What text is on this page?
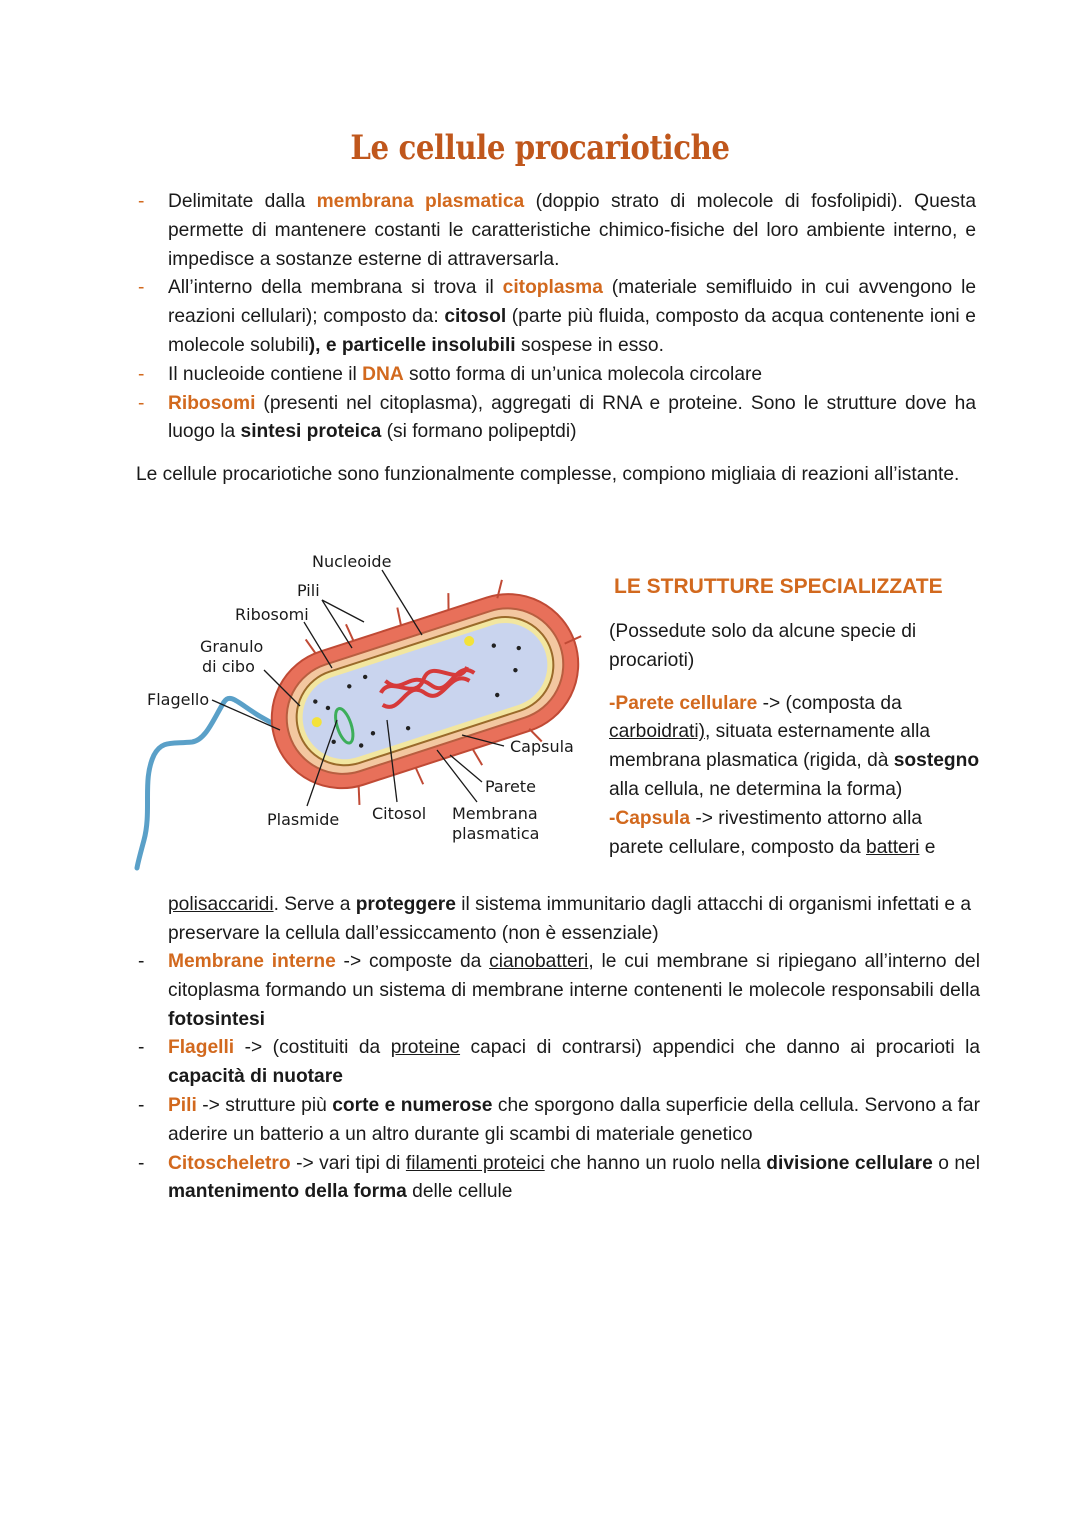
Le cellule procariotiche
- Delimitate dalla membrana plasmatica (doppio strato di molecole di fosfolipidi). Questa permette di mantenere costanti le caratteristiche chimico-fisiche del loro ambiente interno, e impedisce a sostanze esterne di attraversarla.
- All’interno della membrana si trova il citoplasma (materiale semifluido in cui avvengono le reazioni cellulari); composto da: citosol (parte più fluida, composto da acqua contenente ioni e molecole solubili), e particelle insolubili sospese in esso.
- Il nucleoide contiene il DNA sotto forma di un’unica molecola circolare
- Ribosomi (presenti nel citoplasma), aggregati di RNA e proteine. Sono le strutture dove ha luogo la sintesi proteica (si formano polipeptdi)
Le cellule procariotiche sono funzionalmente complesse, compiono migliaia di reazioni all’istante.
Nucleoide
Pili
Ribosomi
Granulo
di cibo
Flagello
Capsula
Parete
Plasmide Citosol Membrana
plasmatica
LE STRUTTURE SPECIALIZZATE

(Possedute solo da alcune specie di procarioti)

-Parete cellulare -> (composta da carboidrati), situata esternamente alla membrana plasmatica (rigida, dà sostegno alla cellula, ne determina la forma)

-Capsula -> rivestimento attorno alla parete cellulare, composto da batteri e

polisaccaridi. Serve a proteggere il sistema immunitario dagli attacchi di organismi infettati e a preservare la cellula dall’essiccamento (non è essenziale)
- Membrane interne -> composte da cianobatteri, le cui membrane si ripiegano all’interno del citoplasma formando un sistema di membrane interne contenenti le molecole responsabili della fotosintesi
- Flagelli -> (costituiti da proteine capaci di contrarsi) appendici che danno ai procarioti la capacità di nuotare
- Pili -> strutture più corte e numerose che sporgono dalla superficie della cellula. Servono a far aderire un batterio a un altro durante gli scambi di materiale genetico
- Citoscheletro -> vari tipi di filamenti proteici che hanno un ruolo nella divisione cellulare o nel mantenimento della forma delle cellule
